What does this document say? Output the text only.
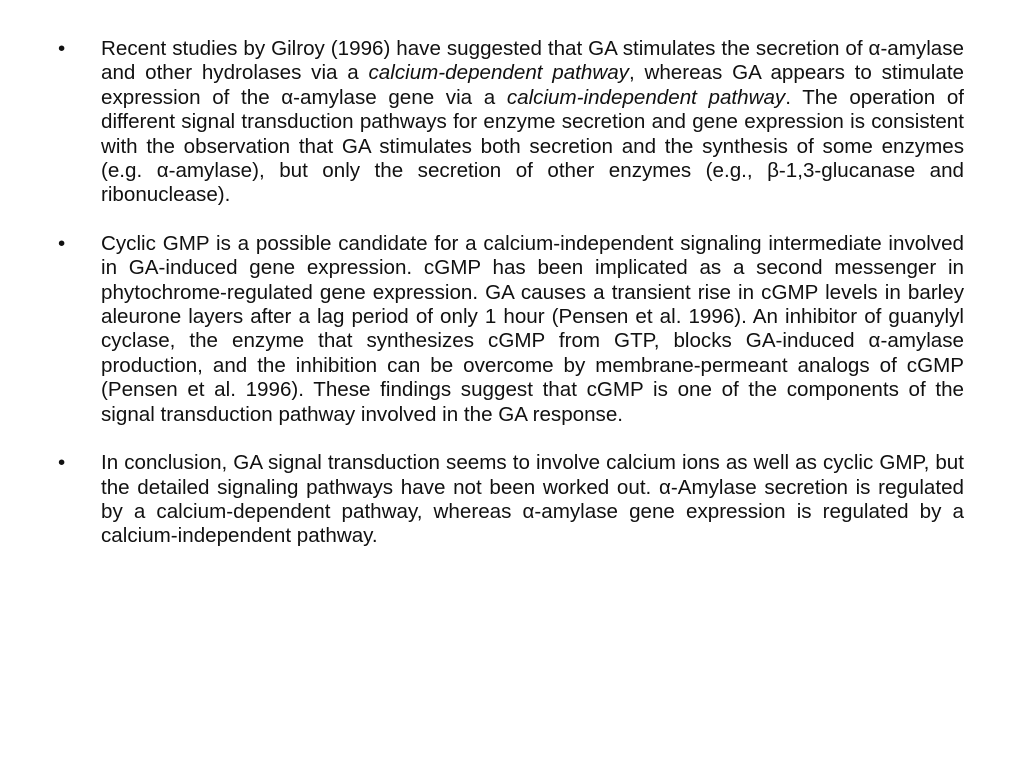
• Recent studies by Gilroy (1996) have suggested that GA stimulates the secretion of α-amylase and other hydrolases via a calcium-dependent pathway, whereas GA appears to stimulate expression of the α-amylase gene via a calcium-independent pathway. The operation of different signal transduction pathways for enzyme secretion and gene expression is consistent with the observation that GA stimulates both secretion and the synthesis of some enzymes (e.g. α-amylase), but only the secretion of other enzymes (e.g., β-1,3-glucanase and ribonuclease).
• Cyclic GMP is a possible candidate for a calcium-independent signaling intermediate involved in GA-induced gene expression. cGMP has been implicated as a second messenger in phytochrome-regulated gene expression. GA causes a transient rise in cGMP levels in barley aleurone layers after a lag period of only 1 hour (Pensen et al. 1996). An inhibitor of guanylyl cyclase, the enzyme that synthesizes cGMP from GTP, blocks GA-induced α-amylase production, and the inhibition can be overcome by membrane-permeant analogs of cGMP (Pensen et al. 1996). These findings suggest that cGMP is one of the components of the signal transduction pathway involved in the GA response.
• In conclusion, GA signal transduction seems to involve calcium ions as well as cyclic GMP, but the detailed signaling pathways have not been worked out. α-Amylase secretion is regulated by a calcium-dependent pathway, whereas α-amylase gene expression is regulated by a calcium-independent pathway.
